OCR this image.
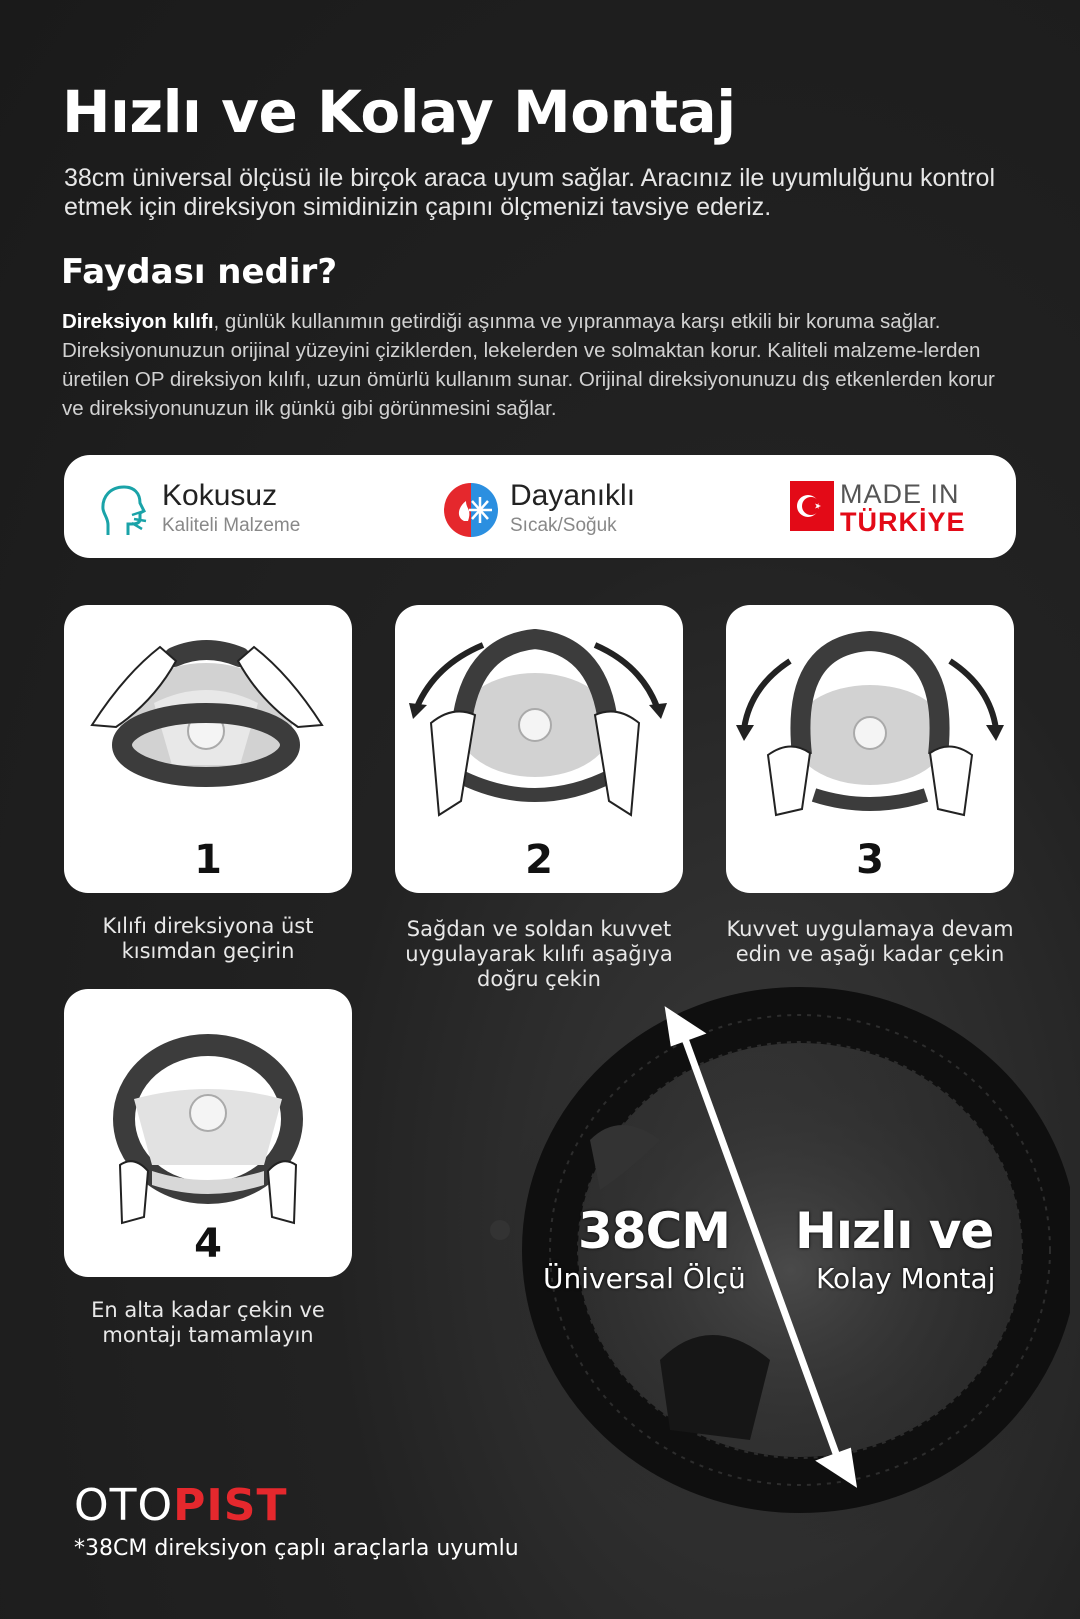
Hızlı ve Kolay Montaj
38cm üniversal ölçüsü ile birçok araca uyum sağlar. Aracınız ile uyumlulğunu kontrol etmek için direksiyon simidinizin çapını ölçmenizi tavsiye ederiz.
Faydası nedir?
Direksiyon kılıfı, günlük kullanımın getirdiği aşınma ve yıpranmaya karşı etkili bir koruma sağlar. Direksiyonunuzun orijinal yüzeyini çiziklerden, lekelerden ve solmaktan korur. Kaliteli malzeme-lerden üretilen OP direksiyon kılıfı, uzun ömürlü kullanım sunar. Orijinal direksiyonunuzu dış etkenlerden korur ve direksiyonunuzun ilk günkü gibi görünmesini sağlar.
Kokusuz
Kaliteli Malzeme
Dayanıklı
Sıcak/Soğuk
MADE IN
TÜRKİYE
1	2	3
Kılıfı direksiyona üst kısımdan geçirin
Sağdan ve soldan kuvvet uygulayarak kılıfı aşağıya doğru çekin
Kuvvet uygulamaya devam edin ve aşağı kadar çekin
4
En alta kadar çekin ve montajı tamamlayın
38CM
Üniversal Ölçü
Hızlı ve
Kolay Montaj
OTOPIST
*38CM direksiyon çaplı araçlarla uyumlu
